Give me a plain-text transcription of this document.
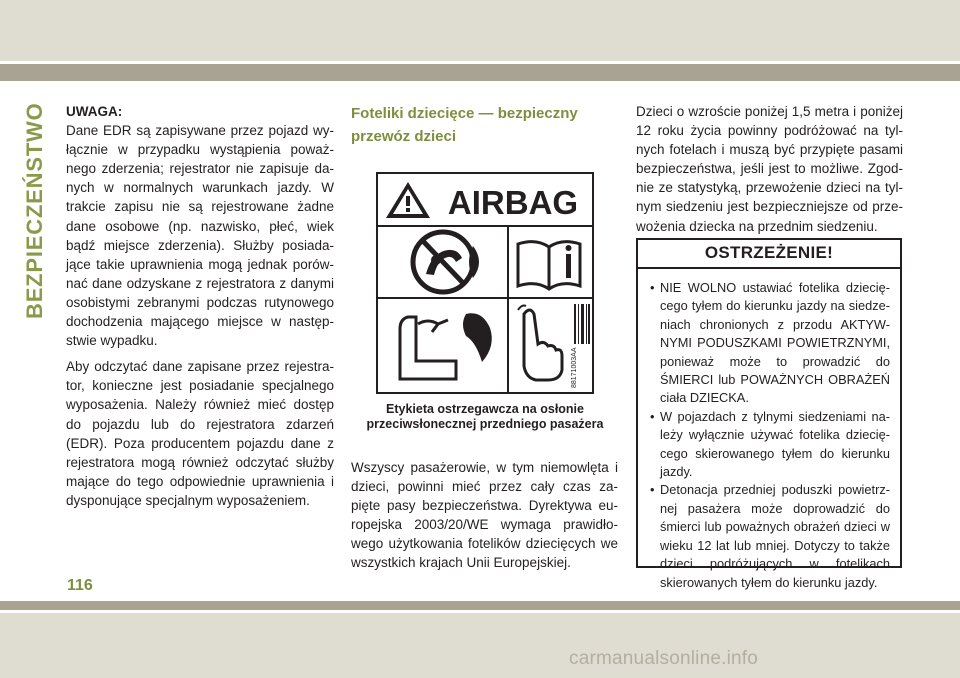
BEZPIECZEŃSTWO UWAGA:

Dane EDR są zapisywane przez pojazd wy-łącznie w przypadku wystąpienia poważ-nego zderzenia; rejestrator nie zapisuje da-nych w normalnych warunkach jazdy. W trakcie zapisu nie są rejestrowane żadne dane osobowe (np. nazwisko, płeć, wiek bądź miejsce zderzenia). Służby posiada-jące takie uprawnienia mogą jednak porów-nać dane odzyskane z rejestratora z danymi osobistymi zebranymi podczas rutynowego dochodzenia mającego miejsce w następ-stwie wypadku.

Aby odczytać dane zapisane przez rejestra-tor, konieczne jest posiadanie specjalnego wyposażenia. Należy również mieć dostęp do pojazdu lub do rejestratora zdarzeń (EDR). Poza producentem pojazdu dane z rejestratora mogą również odczytać służby mające do tego odpowiednie uprawnienia i dysponujące specjalnym wyposażeniem.

Foteliki dziecięce — bezpieczny przewóz dzieci
AIRBAG
88171003AA
Etykieta ostrzegawcza na osłonie przeciwsłonecznej przedniego pasażera

Wszyscy pasażerowie, w tym niemowlęta i dzieci, powinni mieć przez cały czas za-pięte pasy bezpieczeństwa. Dyrektywa eu-ropejska 2003/20/WE wymaga prawidło-wego użytkowania fotelików dziecięcych we wszystkich krajach Unii Europejskiej.

Dzieci o wzroście poniżej 1,5 metra i poniżej 12 roku życia powinny podróżować na tyl-nych fotelach i muszą być przypięte pasami bezpieczeństwa, jeśli jest to możliwe. Zgod-nie ze statystyką, przewożenie dzieci na tyl-nym siedzeniu jest bezpieczniejsze od prze-wożenia dziecka na przednim siedzeniu.

OSTRZEŻENIE!
• NIE WOLNO ustawiać fotelika dziecię-cego tyłem do kierunku jazdy na siedze-niach chronionych z przodu AKTYW-NYMI PODUSZKAMI POWIETRZNYMI, ponieważ może to prowadzić do ŚMIERCI lub POWAŻNYCH OBRAŻEŃ ciała DZIECKA.
• W pojazdach z tylnymi siedzeniami na-leży wyłącznie używać fotelika dziecię-cego skierowanego tyłem do kierunku jazdy.
• Detonacja przedniej poduszki powietrz-nej pasażera może doprowadzić do śmierci lub poważnych obrażeń dzieci w wieku 12 lat lub mniej. Dotyczy to także dzieci podróżujących w fotelikach skierowanych tyłem do kierunku jazdy.
116
carmanualsonline.info
